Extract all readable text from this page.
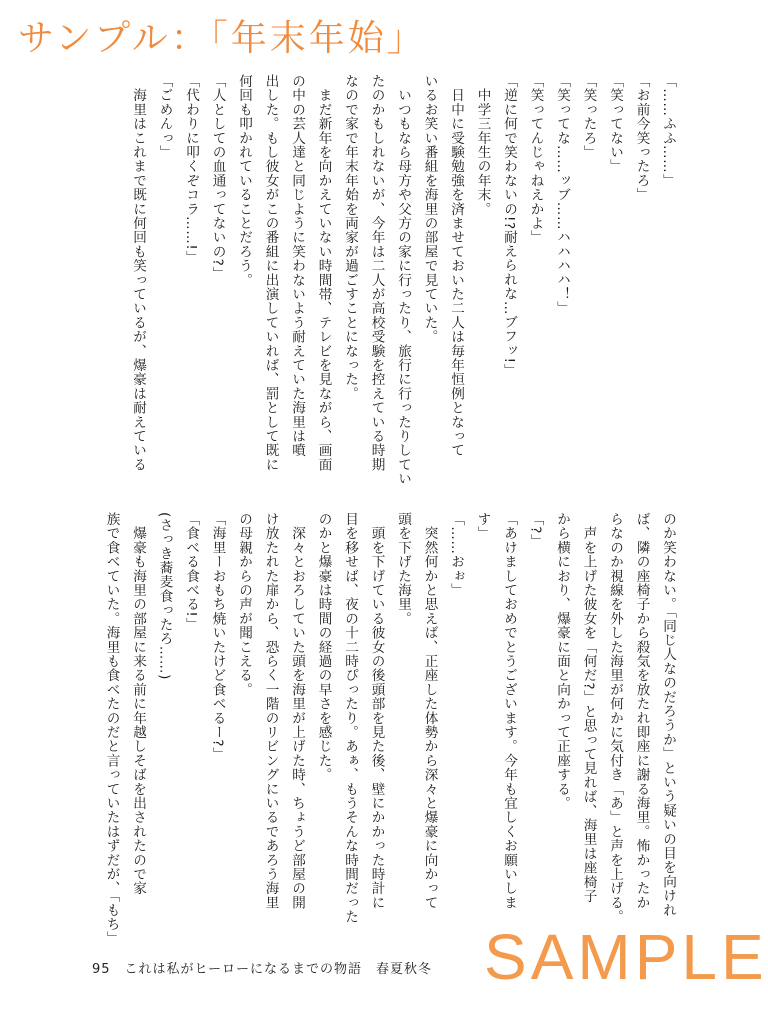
サンプル：「年末年始」

「……ふふ……」

「お前今笑ったろ」

「笑ってない」

「笑ったろ」

「笑ってな……ッブ……ハハハハ！」

「笑ってんじゃねえかよ」

「逆に何で笑わないの!?耐えられな…ブフッ!」

　中学三年生の年末。

　日中に受験勉強を済ませておいた二人は毎年恒例となって

いるお笑い番組を海里の部屋で見ていた。

　いつもなら母方や父方の家に行ったり、旅行に行ったりしてい

たのかもしれないが、今年は二人が高校受験を控えている時期

なので家で年末年始を両家が過ごすことになった。

　まだ新年を向かえていない時間帯、テレビを見ながら、画面

の中の芸人達と同じように笑わないよう耐えていた海里は噴

出した。もし彼女がこの番組に出演していれば、罰として既に

何回も叩かれていることだろう。

「人としての血通ってないの?」

「代わりに叩くぞコラ……!」

「ごめんっ」

　海里はこれまで既に何回も笑っているが、爆豪は耐えている

のか笑わない。「同じ人なのだろうか」という疑いの目を向けれ

ば、隣の座椅子から殺気を放たれ即座に謝る海里。怖かったか

らなのか視線を外した海里が何かに気付き「あ」と声を上げる。

　声を上げた彼女を「何だ?」と思って見れば、海里は座椅子

から横におり、爆豪に面と向かって正座する。

「?」

「あけましておめでとうございます。今年も宜しくお願いしま

す」

「……おぉ」

　突然何かと思えば、正座した体勢から深々と爆豪に向かって

頭を下げた海里。

　頭を下げている彼女の後頭部を見た後、壁にかかった時計に

目を移せば、夜の十二時ぴったり。あぁ、もうそんな時間だった

のかと爆豪は時間の経過の早さを感じた。

　深々とおろしていた頭を海里が上げた時、ちょうど部屋の開

け放たれた扉から、恐らく一階のリビングにいるであろう海里

の母親からの声が聞こえる。

「海里ーおもち焼いたけど食べるー?」

「食べる食べる!」

(さっき蕎麦食ったろ……)

　爆豪も海里の部屋に来る前に年越しそばを出されたので家

族で食べていた。海里も食べたのだと言っていたはずだが、「もち」

95　これは私がヒーローになるまでの物語　春夏秋冬 SAMPLE
